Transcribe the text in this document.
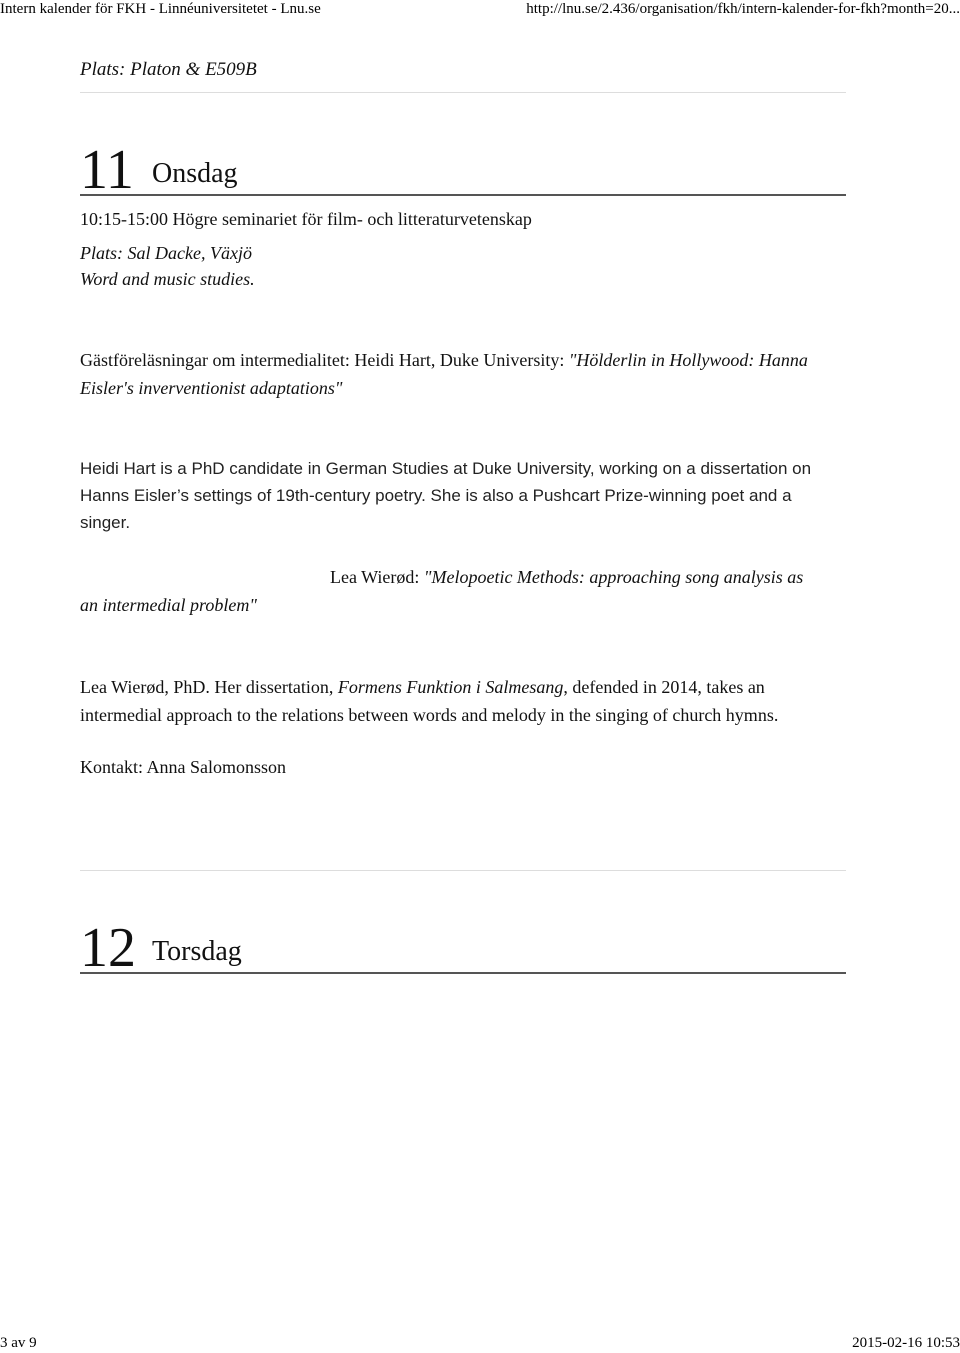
Intern kalender för FKH - Linnéuniversitetet - Lnu.se	http://lnu.se/2.436/organisation/fkh/intern-kalender-for-fkh?month=20...
Plats: Platon & E509B
11 Onsdag
10:15-15:00 Högre seminariet för film- och litteraturvetenskap
Plats: Sal Dacke, Växjö
Word and music studies.
Gästföreläsningar om intermedialitet: Heidi Hart, Duke University: "Hölderlin in Hollywood: Hanna Eisler's inverventionist adaptations"
Heidi Hart is a PhD candidate in German Studies at Duke University, working on a dissertation on
Hanns Eisler’s settings of 19th-century poetry. She is also a Pushcart Prize-winning poet and a
singer.
Lea Wierød: "Melopoetic Methods: approaching song analysis as
an intermedial problem"
Lea Wierød, PhD. Her dissertation, Formens Funktion i Salmesang, defended in 2014, takes an
intermedial approach to the relations between words and melody in the singing of church hymns.
Kontakt: Anna Salomonsson
12 Torsdag
3 av 9	2015-02-16 10:53
